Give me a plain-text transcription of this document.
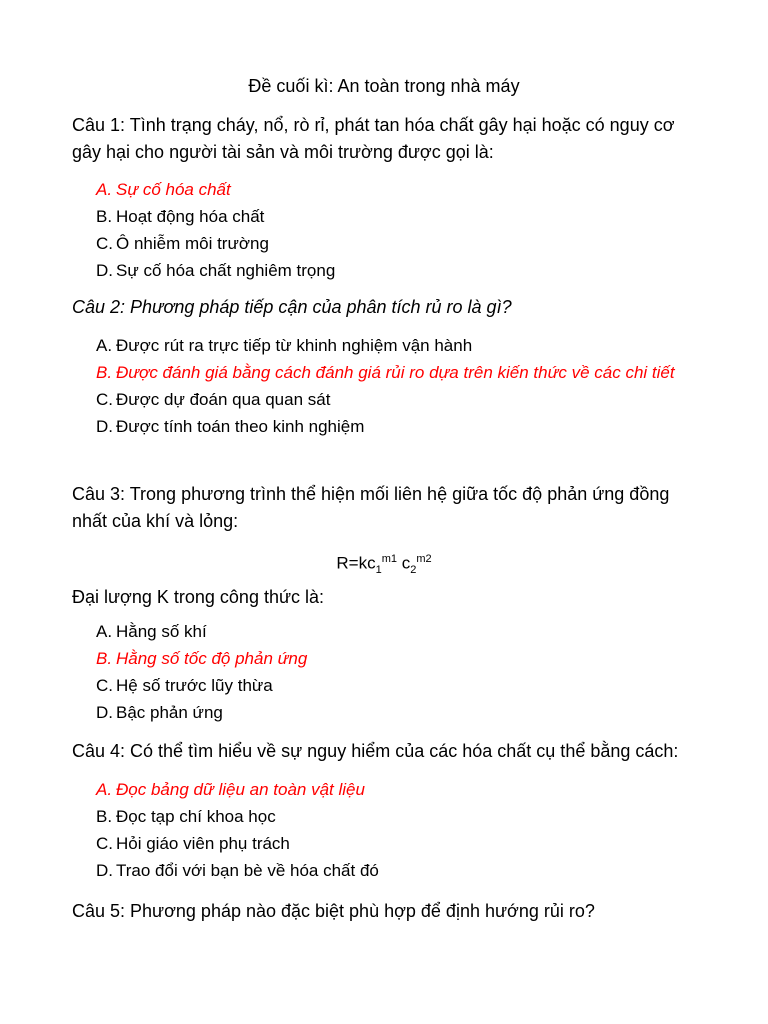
Đề cuối kì: An toàn trong nhà máy
Câu 1: Tình trạng cháy, nổ, rò rỉ, phát tan hóa chất gây hại hoặc có nguy cơ gây hại cho người tài sản và môi trường được gọi là:
A. Sự cố hóa chất
B. Hoạt động hóa chất
C. Ô nhiễm môi trường
D. Sự cố hóa chất nghiêm trọng
Câu 2: Phương pháp tiếp cận của phân tích rủ ro là gì?
A. Được rút ra trực tiếp từ khinh nghiệm vận hành
B. Được đánh giá bằng cách đánh giá rủi ro dựa trên kiến thức về các chi tiết
C. Được dự đoán qua quan sát
D. Được tính toán theo kinh nghiệm
Câu 3: Trong phương trình thể hiện mối liên hệ giữa tốc độ phản ứng đồng nhất của khí và lỏng:
$R=kc_1^{m1}$ $c_2^{m2}$
Đại lượng K trong công thức là:
A. Hằng số khí
B. Hằng số tốc độ phản ứng
C. Hệ số trước lũy thừa
D. Bậc phản ứng
Câu 4: Có thể tìm hiểu về sự nguy hiểm của các hóa chất cụ thể bằng cách:
A. Đọc bảng dữ liệu an toàn vật liệu
B. Đọc tạp chí khoa học
C. Hỏi giáo viên phụ trách
D. Trao đổi với bạn bè về hóa chất đó
Câu 5: Phương pháp nào đặc biệt phù hợp để định hướng rủi ro?
